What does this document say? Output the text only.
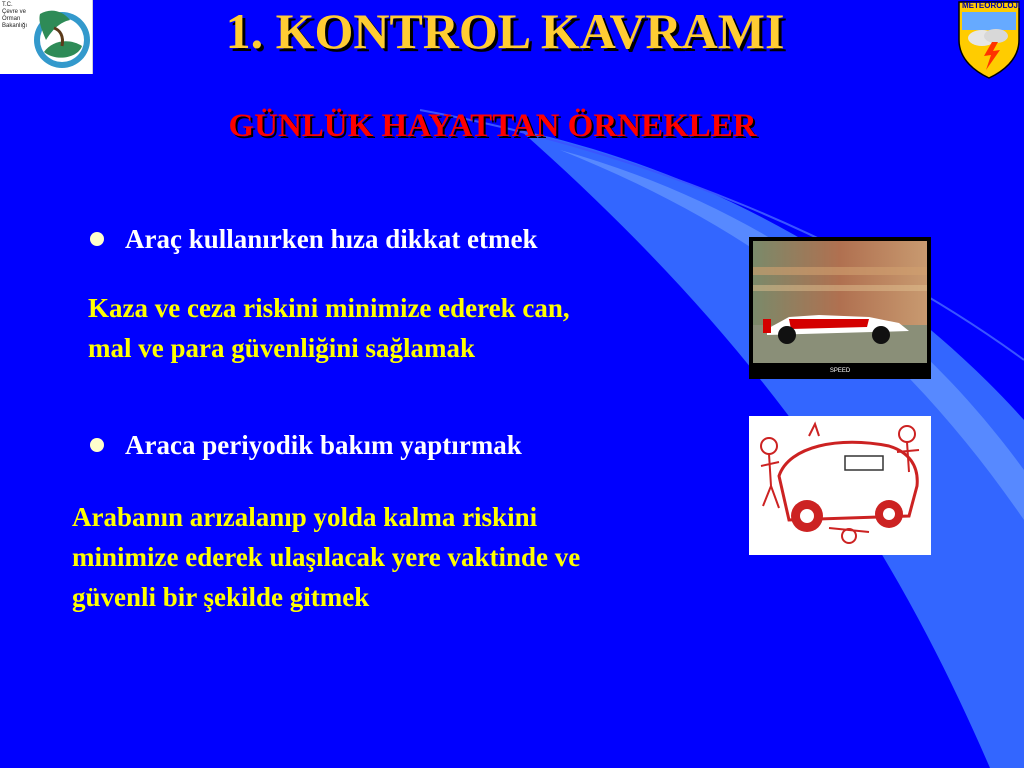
T.C.
Çevre ve Orman
Bakanlığı
METEOROLOJİ
1. KONTROL KAVRAMI
GÜNLÜK HAYATTAN ÖRNEKLER
Araç kullanırken hıza dikkat etmek
Kaza ve ceza riskini minimize ederek can,
mal ve para güvenliğini sağlamak
Araca periyodik bakım yaptırmak
Arabanın arızalanıp yolda kalma riskini
minimize ederek ulaşılacak yere vaktinde ve
güvenli bir şekilde gitmek
SPEED
